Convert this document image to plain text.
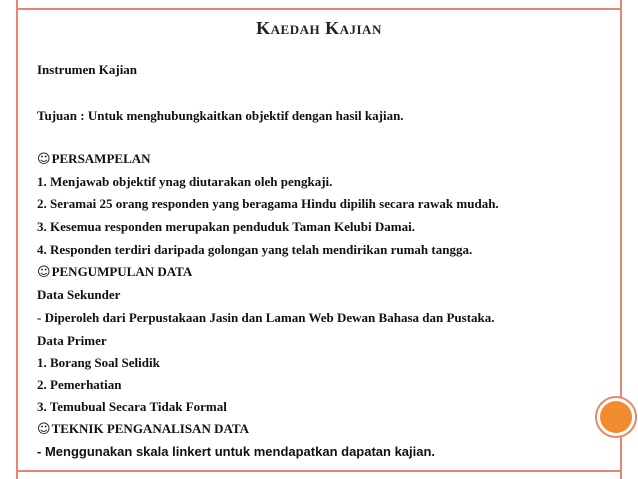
Kaedah Kajian
Instrumen Kajian
Tujuan : Untuk menghubungkaitkan objektif dengan hasil kajian.
☺PERSAMPELAN
1. Menjawab objektif ynag diutarakan oleh pengkaji.
2. Seramai 25 orang responden yang beragama Hindu dipilih secara rawak mudah.
3. Kesemua responden merupakan penduduk Taman Kelubi Damai.
4. Responden terdiri daripada golongan yang telah mendirikan rumah tangga.
☺PENGUMPULAN DATA
Data Sekunder
- Diperoleh dari Perpustakaan Jasin dan Laman Web Dewan Bahasa dan Pustaka.
Data Primer
1. Borang Soal Selidik
2. Pemerhatian
3. Temubual Secara Tidak Formal
☺TEKNIK PENGANALISAN DATA
- Menggunakan skala linkert untuk mendapatkan dapatan kajian.
